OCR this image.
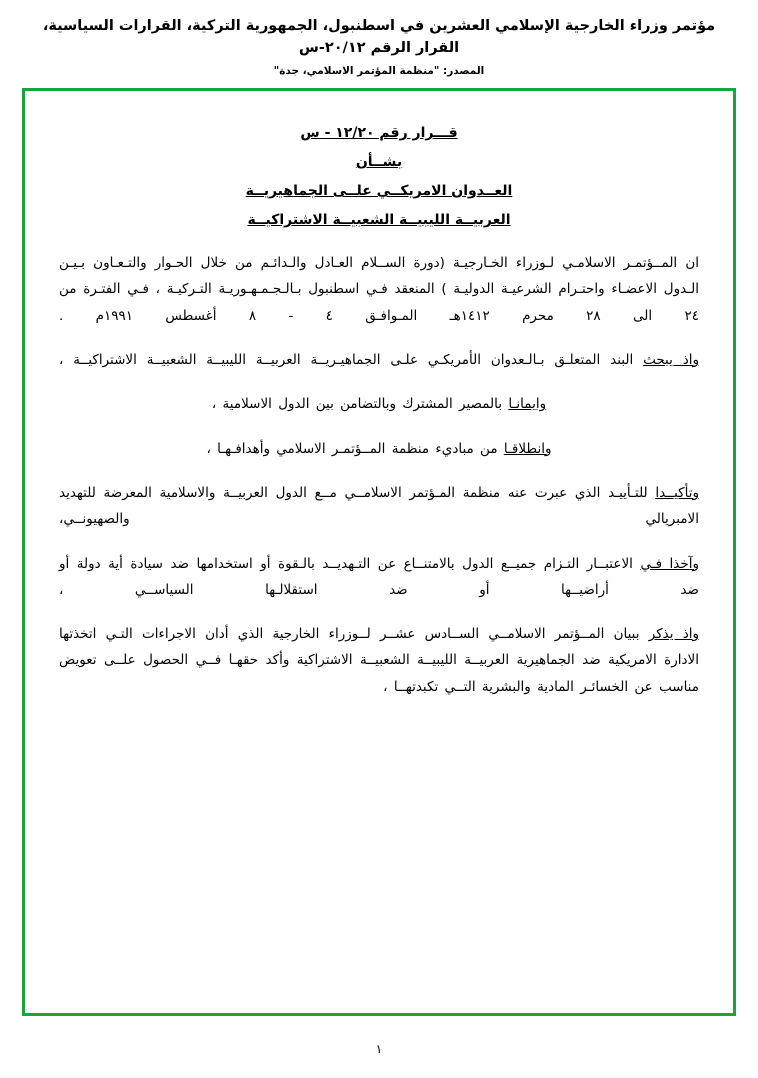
مؤتمر وزراء الخارجية الإسلامي العشرين في اسطنبول، الجمهورية التركية، القرارات السياسية، القرار الرقم ٢٠/١٢-س
المصدر: "منظمة المؤتمر الاسلامي، جدة"
قـــرار رقم ١٢/٢٠ - س
بشــأن
العــدوان الامريكــي علــى الجماهيريــة
العربيــة الليبيــة الشعبيــة الاشتراكيــة

ان المــؤتمـر الاسلامـي لـوزراء الخـارجيـة (دورة الســلام العـادل والـدائـم من خلال الحـوار والتـعـاون بـيـن الـدول الاعضـاء واحتـرام الشرعيـة الدوليـة ) المنعقد فـي اسطنبول بـالـجـمـهـوريـة التـركيـة ، فـي الفتـرة من ٢٤ الى ٢٨ محرم ١٤١٢هـ المـوافـق ٤ - ٨ أغسطس ١٩٩١م .

واذ يبحث البند المتعلـق بـالـعدوان الأمريكـي علـى الجماهيـريــة العربيــة الليبيــة الشعبيــة الاشتراكيــة ،

وايمانـا بالمصير المشترك وبالتضامن بين الدول الاسلامية ،

وانطلاقـا من مباديء منظمة المــؤتمـر الاسلامي وأهدافـهـا ،

وتأكيــدا للتـأييـد الذي عبرت عنه منظمة المـؤتمر الاسلامــي مــع الدول العربيــة والاسلامية المعرضة للتهديد الامبريالي والصهيونــي،

وآخذا فـي الاعتبــار التـزام جميــع الدول بالامتنــاع عن التـهديــد بالـقوة أو استخدامها ضد سيادة أية دولة أو ضد أراضيــها أو ضد استقلالـها السياســي ،

واذ يذكر ببيان المــؤتمر الاسلامــي الســادس عشــر لــوزراء الخارجية الذي أدان الاجراءات التـي اتخذتها الادارة الامريكية ضد الجماهيرية العربيــة الليبيــة الشعبيــة الاشتراكية وأكد حقهـا فــي الحصول علــى تعويض مناسب عن الخسائـر المادية والبشرية التــي تكبدتهــا ،

١
